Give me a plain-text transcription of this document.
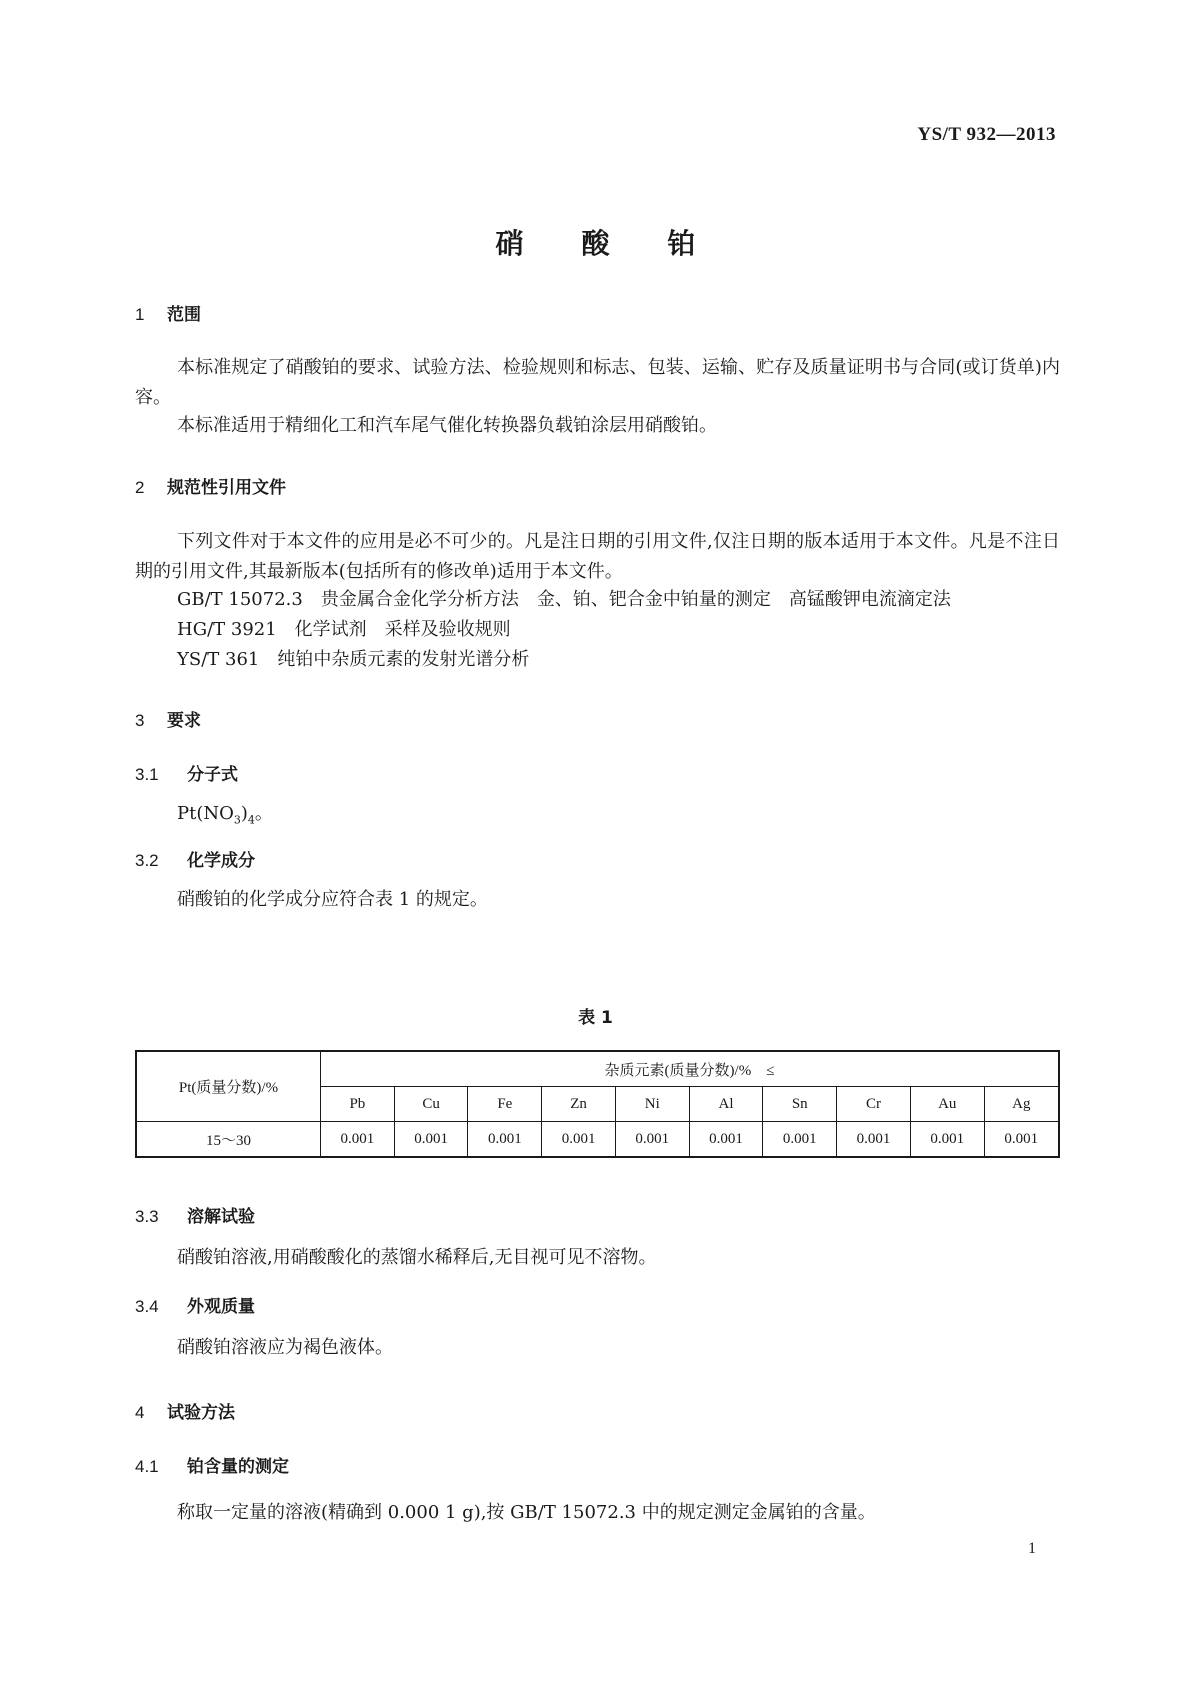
YS/T 932—2013
硝酸铂
1 范围
本标准规定了硝酸铂的要求、试验方法、检验规则和标志、包装、运输、贮存及质量证明书与合同(或订货单)内容。
本标准适用于精细化工和汽车尾气催化转换器负载铂涂层用硝酸铂。
2 规范性引用文件
下列文件对于本文件的应用是必不可少的。凡是注日期的引用文件,仅注日期的版本适用于本文件。凡是不注日期的引用文件,其最新版本(包括所有的修改单)适用于本文件。
GB/T 15072.3　贵金属合金化学分析方法　金、铂、钯合金中铂量的测定　高锰酸钾电流滴定法
HG/T 3921　化学试剂　采样及验收规则
YS/T 361　纯铂中杂质元素的发射光谱分析
3 要求
3.1 分子式
$Pt(NO_3)_4$。
3.2 化学成分
硝酸铂的化学成分应符合表 1 的规定。
表 1
Pt(质量分数)/%	杂质元素(质量分数)/%　≤									
	Pb	Cu	Fe	Zn	Ni	Al	Sn	Cr	Au	Ag
15～30	0.001	0.001	0.001	0.001	0.001	0.001	0.001	0.001	0.001	0.001
3.3 溶解试验
硝酸铂溶液,用硝酸酸化的蒸馏水稀释后,无目视可见不溶物。
3.4 外观质量
硝酸铂溶液应为褐色液体。
4 试验方法
4.1 铂含量的测定
称取一定量的溶液(精确到 0.000 1 g),按 GB/T 15072.3 中的规定测定金属铂的含量。
1
